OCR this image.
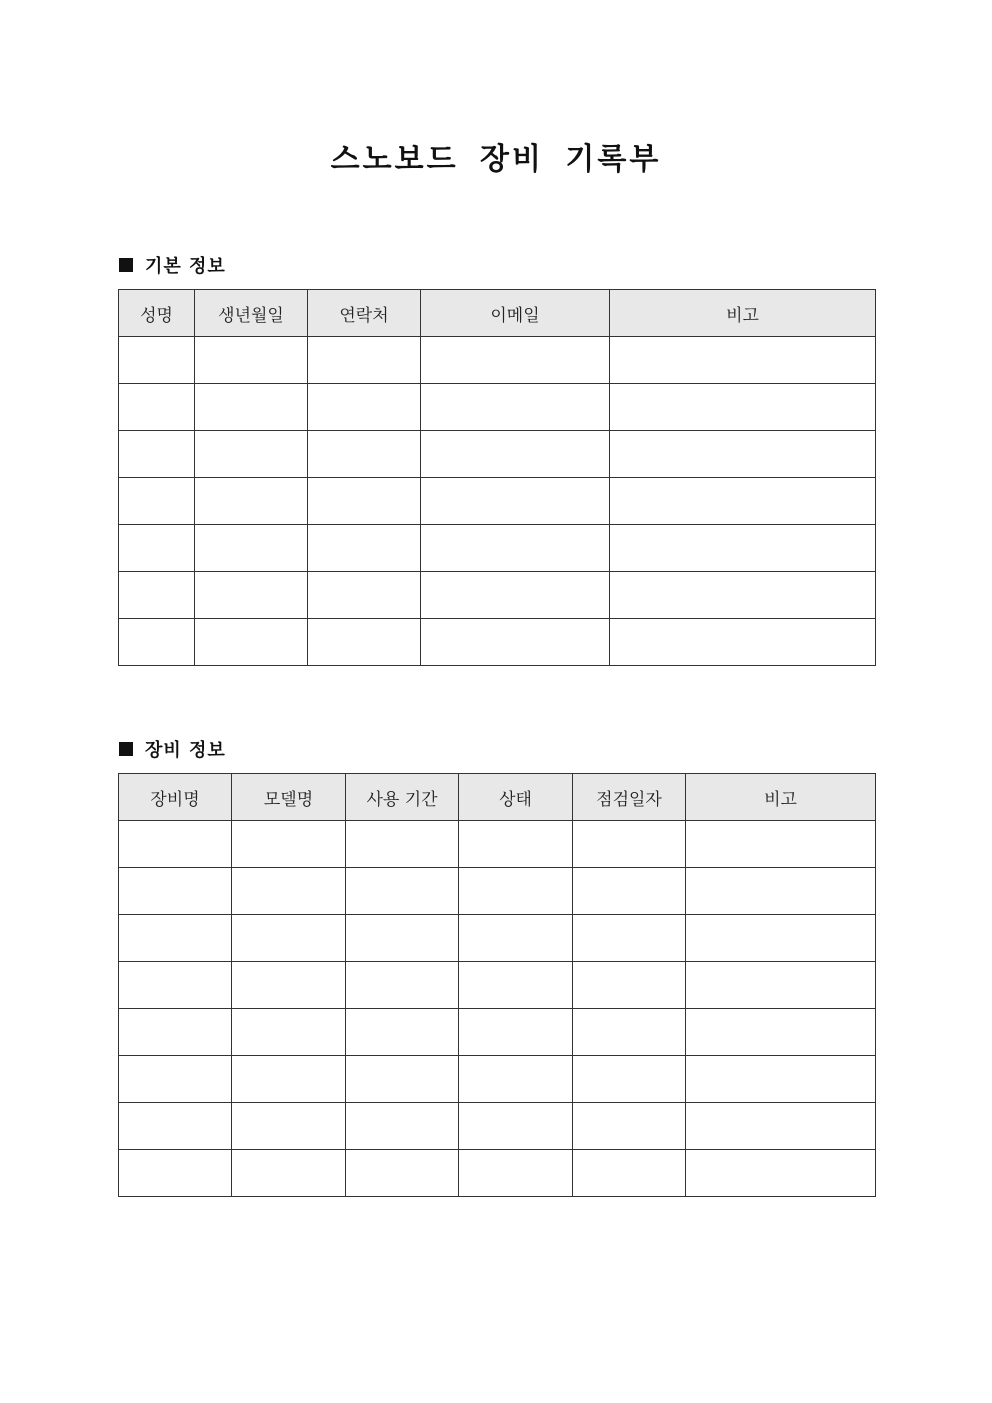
스노보드 장비 기록부
기본 정보
성명	생년월일	연락처	이메일	비고

장비 정보
장비명	모델명	사용 기간	상태	점검일자	비고
